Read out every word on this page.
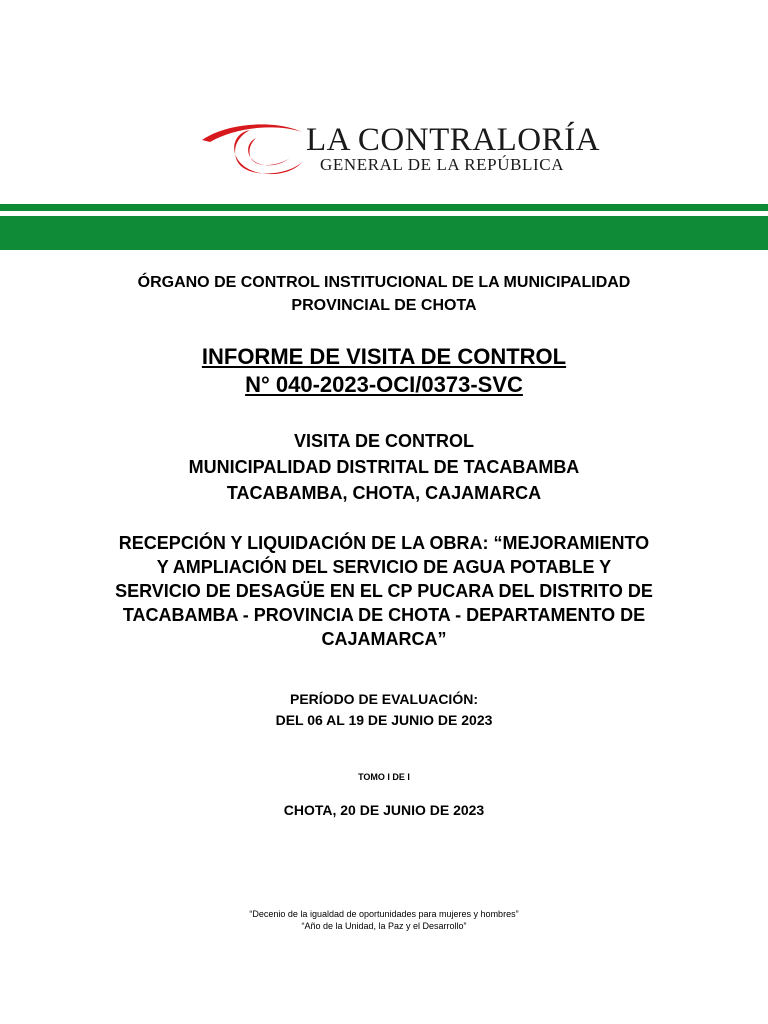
LA CONTRALORÍA
GENERAL DE LA REPÚBLICA
ÓRGANO DE CONTROL INSTITUCIONAL DE LA MUNICIPALIDAD
PROVINCIAL DE CHOTA
INFORME DE VISITA DE CONTROL
N° 040-2023-OCI/0373-SVC
VISITA DE CONTROL
MUNICIPALIDAD DISTRITAL DE TACABAMBA
TACABAMBA, CHOTA, CAJAMARCA
RECEPCIÓN Y LIQUIDACIÓN DE LA OBRA: “MEJORAMIENTO
Y AMPLIACIÓN DEL SERVICIO DE AGUA POTABLE Y
SERVICIO DE DESAGÜE EN EL CP PUCARA DEL DISTRITO DE
TACABAMBA - PROVINCIA DE CHOTA - DEPARTAMENTO DE
CAJAMARCA”
PERÍODO DE EVALUACIÓN:
DEL 06 AL 19 DE JUNIO DE 2023
TOMO I DE I
CHOTA, 20 DE JUNIO DE 2023
“Decenio de la igualdad de oportunidades para mujeres y hombres”
“Año de la Unidad, la Paz y el Desarrollo”
